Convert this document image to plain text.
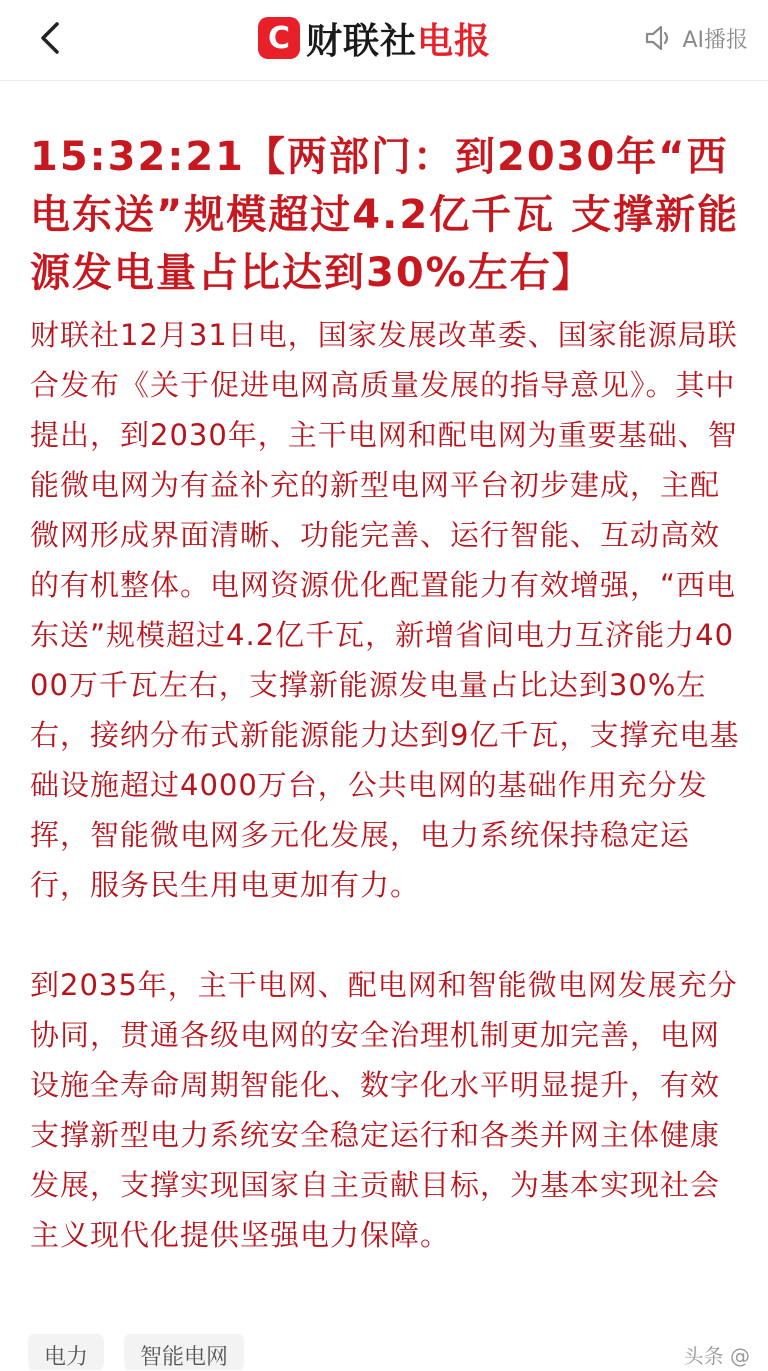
C 财联社电报	AI播报
15:32:21【两部门：到2030年“西电东送”规模超过4.2亿千瓦 支撑新能源发电量占比达到30%左右】

财联社12月31日电，国家发展改革委、国家能源局联合发布《关于促进电网高质量发展的指导意见》。其中提出，到2030年，主干电网和配电网为重要基础、智能微电网为有益补充的新型电网平台初步建成，主配微网形成界面清晰、功能完善、运行智能、互动高效的有机整体。电网资源优化配置能力有效增强，“西电东送”规模超过4.2亿千瓦，新增省间电力互济能力4000万千瓦左右，支撑新能源发电量占比达到30%左右，接纳分布式新能源能力达到9亿千瓦，支撑充电基础设施超过4000万台，公共电网的基础作用充分发挥，智能微电网多元化发展，电力系统保持稳定运行，服务民生用电更加有力。

到2035年，主干电网、配电网和智能微电网发展充分协同，贯通各级电网的安全治理机制更加完善，电网设施全寿命周期智能化、数字化水平明显提升，有效支撑新型电力系统安全稳定运行和各类并网主体健康发展，支撑实现国家自主贡献目标，为基本实现社会主义现代化提供坚强电力保障。

电力	智能电网	头条 @
